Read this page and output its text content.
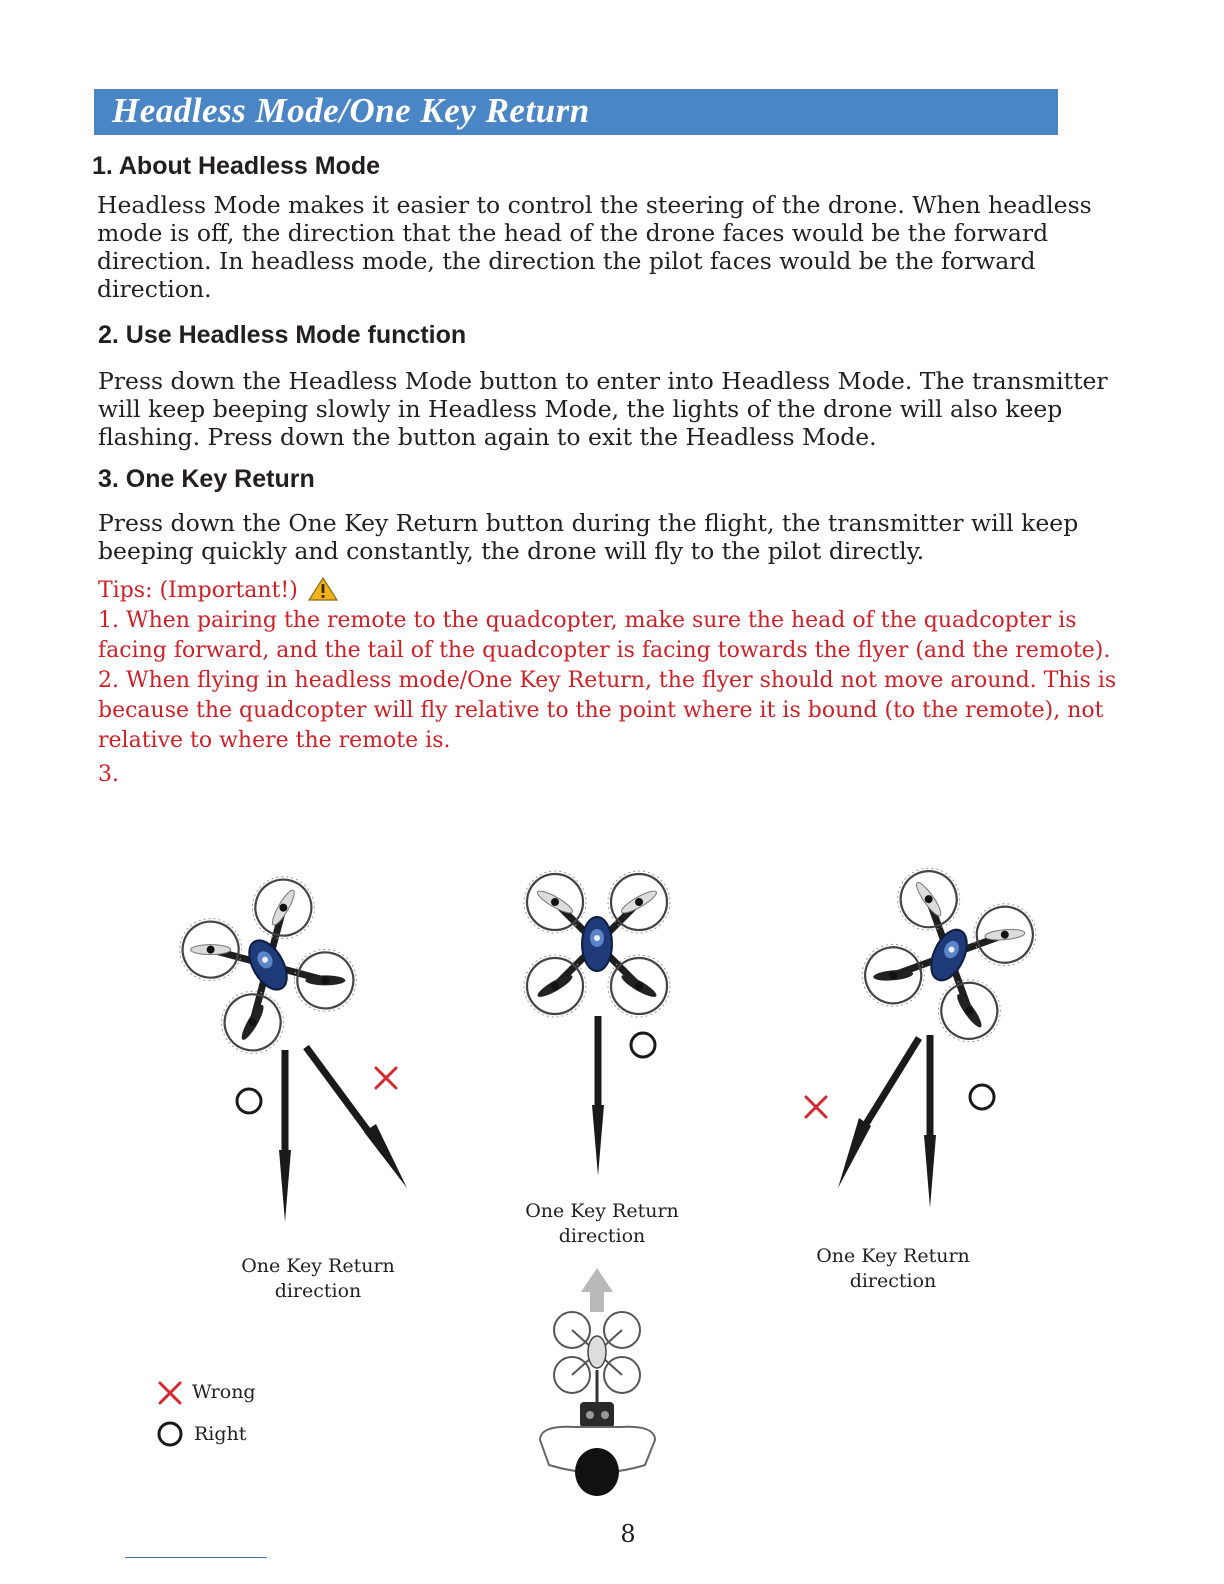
Headless Mode/One Key Return
1. About Headless Mode
Headless Mode makes it easier to control the steering of the drone. When headless mode is off, the direction that the head of the drone faces would be the forward direction. In headless mode, the direction the pilot faces would be the forward direction.
2. Use Headless Mode function
Press down the Headless Mode button to enter into Headless Mode. The transmitter will keep beeping slowly in Headless Mode, the lights of the drone will also keep flashing. Press down the button again to exit the Headless Mode.
3. One Key Return
Press down the One Key Return button during the flight, the transmitter will keep beeping quickly and constantly, the drone will fly to the pilot directly.
Tips: (Important!)
1. When pairing the remote to the quadcopter, make sure the head of the quadcopter is facing forward, and the tail of the quadcopter is facing towards the flyer (and the remote).
2. When flying in headless mode/One Key Return, the flyer should not move around. This is because the quadcopter will fly relative to the point where it is bound (to the remote), not relative to where the remote is.
3.
One Key Return
direction
One Key Return
direction
One Key Return
direction
Wrong
Right
8
